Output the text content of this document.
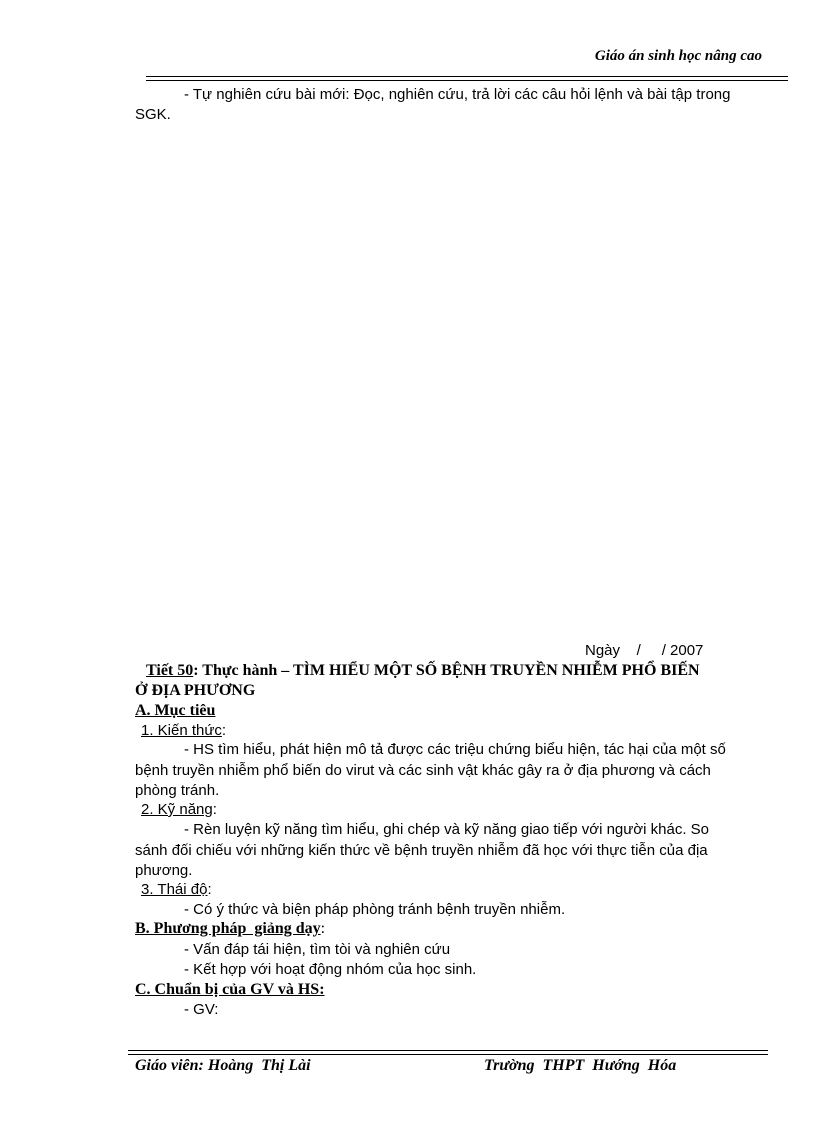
Giáo án sinh học nâng cao
- Tự nghiên cứu bài mới: Đọc, nghiên cứu, trả lời các câu hỏi lệnh và bài tập trong
SGK.
Ngày    /     / 2007
Tiết 50: Thực hành – TÌM HIỂU MỘT SỐ BỆNH TRUYỀN NHIỄM PHỔ BIẾN
Ở ĐỊA PHƯƠNG
A. Mục tiêu
1. Kiến thức:
- HS tìm hiểu, phát hiện mô tả được các triệu chứng biểu hiện, tác hại của một số
bệnh truyền nhiễm phổ biến do virut và các sinh vật khác gây ra ở địa phương và cách
phòng tránh.
2. Kỹ năng:
- Rèn luyện kỹ năng tìm hiểu, ghi chép và kỹ năng giao tiếp với người khác. So
sánh đối chiếu với những kiến thức về bệnh truyền nhiễm đã học với thực tiễn của địa
phương.
3. Thái độ:
- Có ý thức và biện pháp phòng tránh bệnh truyền nhiễm.
B. Phương pháp  giảng dạy:
- Vấn đáp tái hiện, tìm tòi và nghiên cứu
- Kết hợp với hoạt động nhóm của học sinh.
C. Chuẩn bị của GV và HS:
- GV:
Giáo viên: Hoàng  Thị Lài	Trường  THPT  Hướng  Hóa
